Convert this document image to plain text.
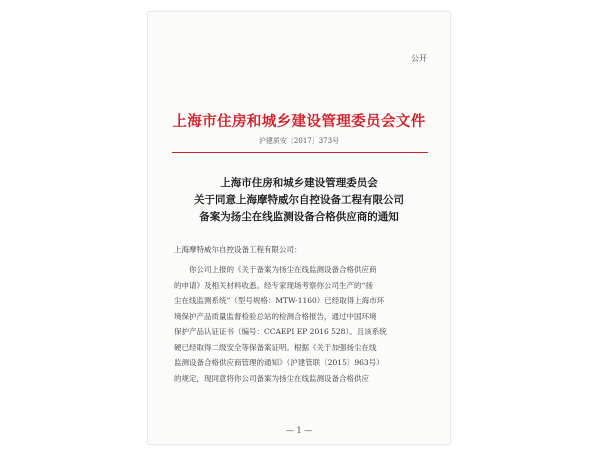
公开
上海市住房和城乡建设管理委员会文件
沪建质安〔2017〕373号
上海市住房和城乡建设管理委员会
关于同意上海摩特威尔自控设备工程有限公司
备案为扬尘在线监测设备合格供应商的通知
上海摩特威尔自控设备工程有限公司：
你公司上报的《关于备案为扬尘在线监测设备合格供应商
的申请》及相关材料收悉。经专家现场考察你公司生产的“扬
尘在线监测系统”（型号规格：MTW-1160）已经取得上海市环
境保护产品质量监督检验总站的检测合格报告，通过中国环境
保护产品认证证书（编号：CCAEPI EP 2016 528）。且该系统
硬已经取得二级安全等保备案证明。根据《关于加强扬尘在线
监测设备合格供应商管理的通知》（沪建管联〔2015〕963号）
的规定，现同意将你公司备案为扬尘在线监测设备合格供应
— 1 —
